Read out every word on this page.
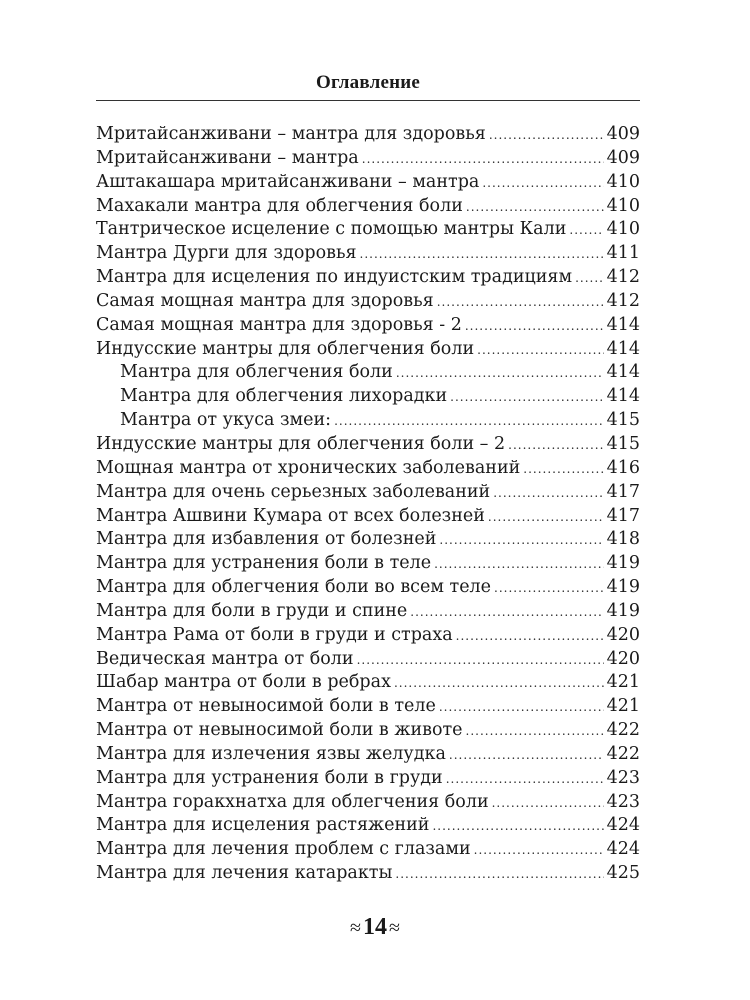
Оглавление
Мритайсанживани – мантра для здоровья .....	409
Мритайсанживани – мантра .....	409
Аштакашара мритайсанживани – мантра .....	410
Махакали мантра для облегчения боли .....	410
Тантрическое исцеление с помощью мантры Кали ..... 410
Мантра Дурги для здоровья .....	411
Мантра для исцеления по индуистским традициям ..... 412
Самая мощная мантра для здоровья .....	412
Самая мощная мантра для здоровья - 2 .....	414
Индусские мантры для облегчения боли .....	414
Мантра для облегчения боли .....	414
Мантра для облегчения лихорадки .....	414
Мантра от укуса змеи: .....	415
Индусские мантры для облегчения боли – 2 .....	415
Мощная мантра от хронических заболеваний .....	416
Мантра для очень серьезных заболеваний .....	417
Мантра Ашвини Кумара от всех болезней .....	417
Мантра для избавления от болезней .....	418
Мантра для устранения боли в теле .....	419
Мантра для облегчения боли во всем теле .....	419
Мантра для боли в груди и спине .....	419
Мантра Рама от боли в груди и страха .....	420
Ведическая мантра от боли .....	420
Шабар мантра от боли в ребрах .....	421
Мантра от невыносимой боли в теле .....	421
Мантра от невыносимой боли в животе .....	422
Мантра для излечения язвы желудка .....	422
Мантра для устранения боли в груди .....	423
Мантра горакхнатха для облегчения боли .....	423
Мантра для исцеления растяжений .....	424
Мантра для лечения проблем с глазами .....	424
Мантра для лечения катаракты .....	425
≈14 ≈
